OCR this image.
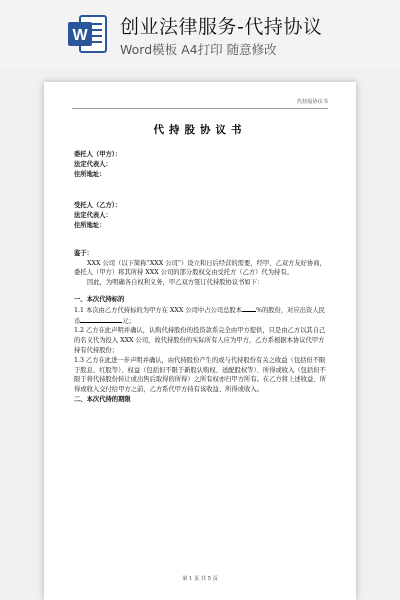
W 创业法律服务-代持协议
Word模板 A4打印 随意修改
代持股协议书
代持股协议书

委托人（甲方）：

法定代表人：

住所地址：

受托人（乙方）：

法定代表人：

住所地址：

鉴于：

XXX 公司（以下简称“XXX 公司”）设立和日后经营的需要，经甲、乙双方友好协商，委托人（甲方）将其所持 XXX 公司的部分股权交由受托方（乙方）代为持有。

因此，为明确各自权利义务，甲乙双方签订代持股协议书如下：

一、本次代持标的

1.1 本次由乙方代持标的为甲方在 XXX 公司中占公司总股本 %的股份，对应出资人民币	元；

1.2 乙方在此声明并确认，认购代持股份的投资款系完全由甲方提供，只是由乙方以其自己的名义代为投入 XXX 公司，故代持股份的实际所有人应为甲方，乙方系根据本协议代甲方持有代持股份；

1.3 乙方在此进一步声明并确认，由代持股份产生的或与代持股份有关之收益（包括但不限于股息、红股等）、权益（包括但不限于新股认购权、送配股权等）、所得或收入（包括但不限于将代持股份转让或出售后取得的所得）之所有权亦归甲方所有。在乙方将上述收益、所得或收入交付给甲方之前，乙方系代甲方持有该收益、所得或收入。

二、本次代持的期限

第 1 页 共 5 页
